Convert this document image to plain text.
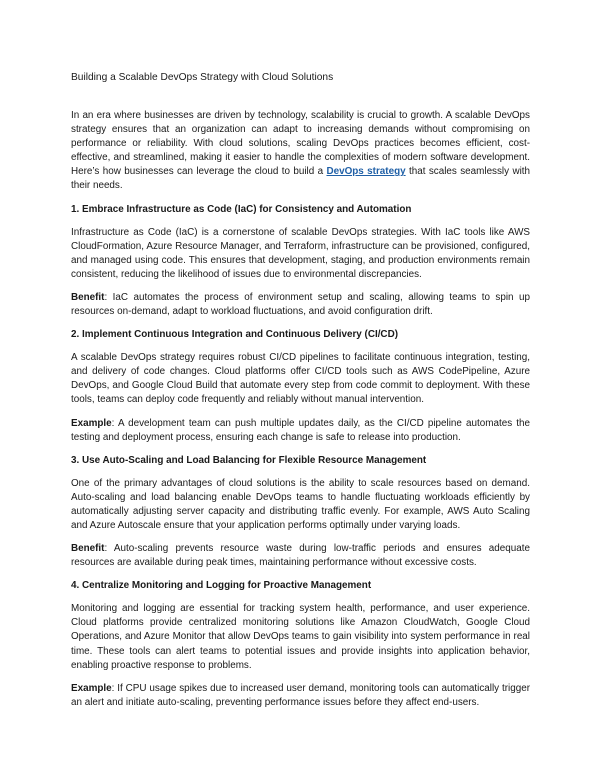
Building a Scalable DevOps Strategy with Cloud Solutions

In an era where businesses are driven by technology, scalability is crucial to growth. A scalable DevOps strategy ensures that an organization can adapt to increasing demands without compromising on performance or reliability. With cloud solutions, scaling DevOps practices becomes efficient, cost-effective, and streamlined, making it easier to handle the complexities of modern software development. Here’s how businesses can leverage the cloud to build a DevOps strategy that scales seamlessly with their needs.

1. Embrace Infrastructure as Code (IaC) for Consistency and Automation

Infrastructure as Code (IaC) is a cornerstone of scalable DevOps strategies. With IaC tools like AWS CloudFormation, Azure Resource Manager, and Terraform, infrastructure can be provisioned, configured, and managed using code. This ensures that development, staging, and production environments remain consistent, reducing the likelihood of issues due to environmental discrepancies.

Benefit: IaC automates the process of environment setup and scaling, allowing teams to spin up resources on-demand, adapt to workload fluctuations, and avoid configuration drift.

2. Implement Continuous Integration and Continuous Delivery (CI/CD)

A scalable DevOps strategy requires robust CI/CD pipelines to facilitate continuous integration, testing, and delivery of code changes. Cloud platforms offer CI/CD tools such as AWS CodePipeline, Azure DevOps, and Google Cloud Build that automate every step from code commit to deployment. With these tools, teams can deploy code frequently and reliably without manual intervention.

Example: A development team can push multiple updates daily, as the CI/CD pipeline automates the testing and deployment process, ensuring each change is safe to release into production.

3. Use Auto-Scaling and Load Balancing for Flexible Resource Management

One of the primary advantages of cloud solutions is the ability to scale resources based on demand. Auto-scaling and load balancing enable DevOps teams to handle fluctuating workloads efficiently by automatically adjusting server capacity and distributing traffic evenly. For example, AWS Auto Scaling and Azure Autoscale ensure that your application performs optimally under varying loads.

Benefit: Auto-scaling prevents resource waste during low-traffic periods and ensures adequate resources are available during peak times, maintaining performance without excessive costs.

4. Centralize Monitoring and Logging for Proactive Management

Monitoring and logging are essential for tracking system health, performance, and user experience. Cloud platforms provide centralized monitoring solutions like Amazon CloudWatch, Google Cloud Operations, and Azure Monitor that allow DevOps teams to gain visibility into system performance in real time. These tools can alert teams to potential issues and provide insights into application behavior, enabling proactive response to problems.

Example: If CPU usage spikes due to increased user demand, monitoring tools can automatically trigger an alert and initiate auto-scaling, preventing performance issues before they affect end-users.
